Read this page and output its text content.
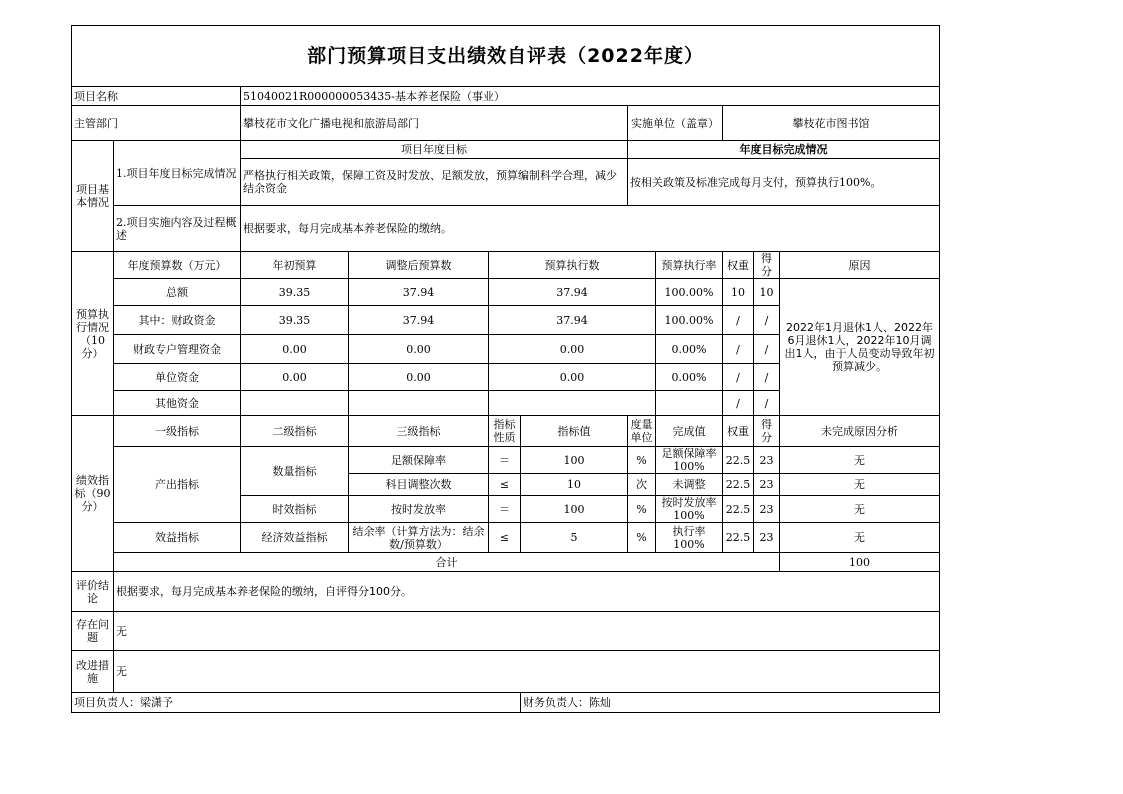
部门预算项目支出绩效自评表（2022年度）											
项目名称		51040021R000000053435-基本养老保险（事业）									
主管部门		攀枝花市文化广播电视和旅游局部门				实施单位（盖章）		攀枝花市图书馆			
项目基本情况	1.项目年度目标完成情况	项目年度目标				年度目标完成情况					
		严格执行相关政策，保障工资及时发放、足额发放，预算编制科学合理，减少结余资金				按相关政策及标准完成每月支付，预算执行100%。					
	2.项目实施内容及过程概述	根据要求，每月完成基本养老保险的缴纳。									
预算执行情况（10分）	年度预算数（万元）	年初预算	调整后预算数	预算执行数			预算执行率	权重	得分	原因	
	总额	39.35	37.94	37.94			100.00%	10	10	2022年1月退休1人、2022年6月退休1人，2022年10月调出1人，由于人员变动导致年初预算减少。	
	其中：财政资金	39.35	37.94	37.94			100.00%	/	/		
	财政专户管理资金	0.00	0.00	0.00			0.00%	/	/		
	单位资金	0.00	0.00	0.00			0.00%	/	/		
	其他资金							/	/		
绩效指标（90分）	一级指标	二级指标	三级指标	指标性质	指标值	度量单位	完成值	权重	得分	未完成原因分析	
	产出指标	数量指标	足额保障率	＝	100	%	足额保障率100%	22.5	23	无	
			科目调整次数	≤	10	次	未调整	22.5	23	无	
		时效指标	按时发放率	＝	100	%	按时发放率100%	22.5	23	无	
	效益指标	经济效益指标	结余率（计算方法为：结余数/预算数）	≤	5	%	执行率100%	22.5	23	无	
	合计									100		
评价结论	根据要求，每月完成基本养老保险的缴纳，自评得分100分。										
存在问题	无										
改进措施	无										
项目负责人：梁潇予					财务负责人：陈灿						
